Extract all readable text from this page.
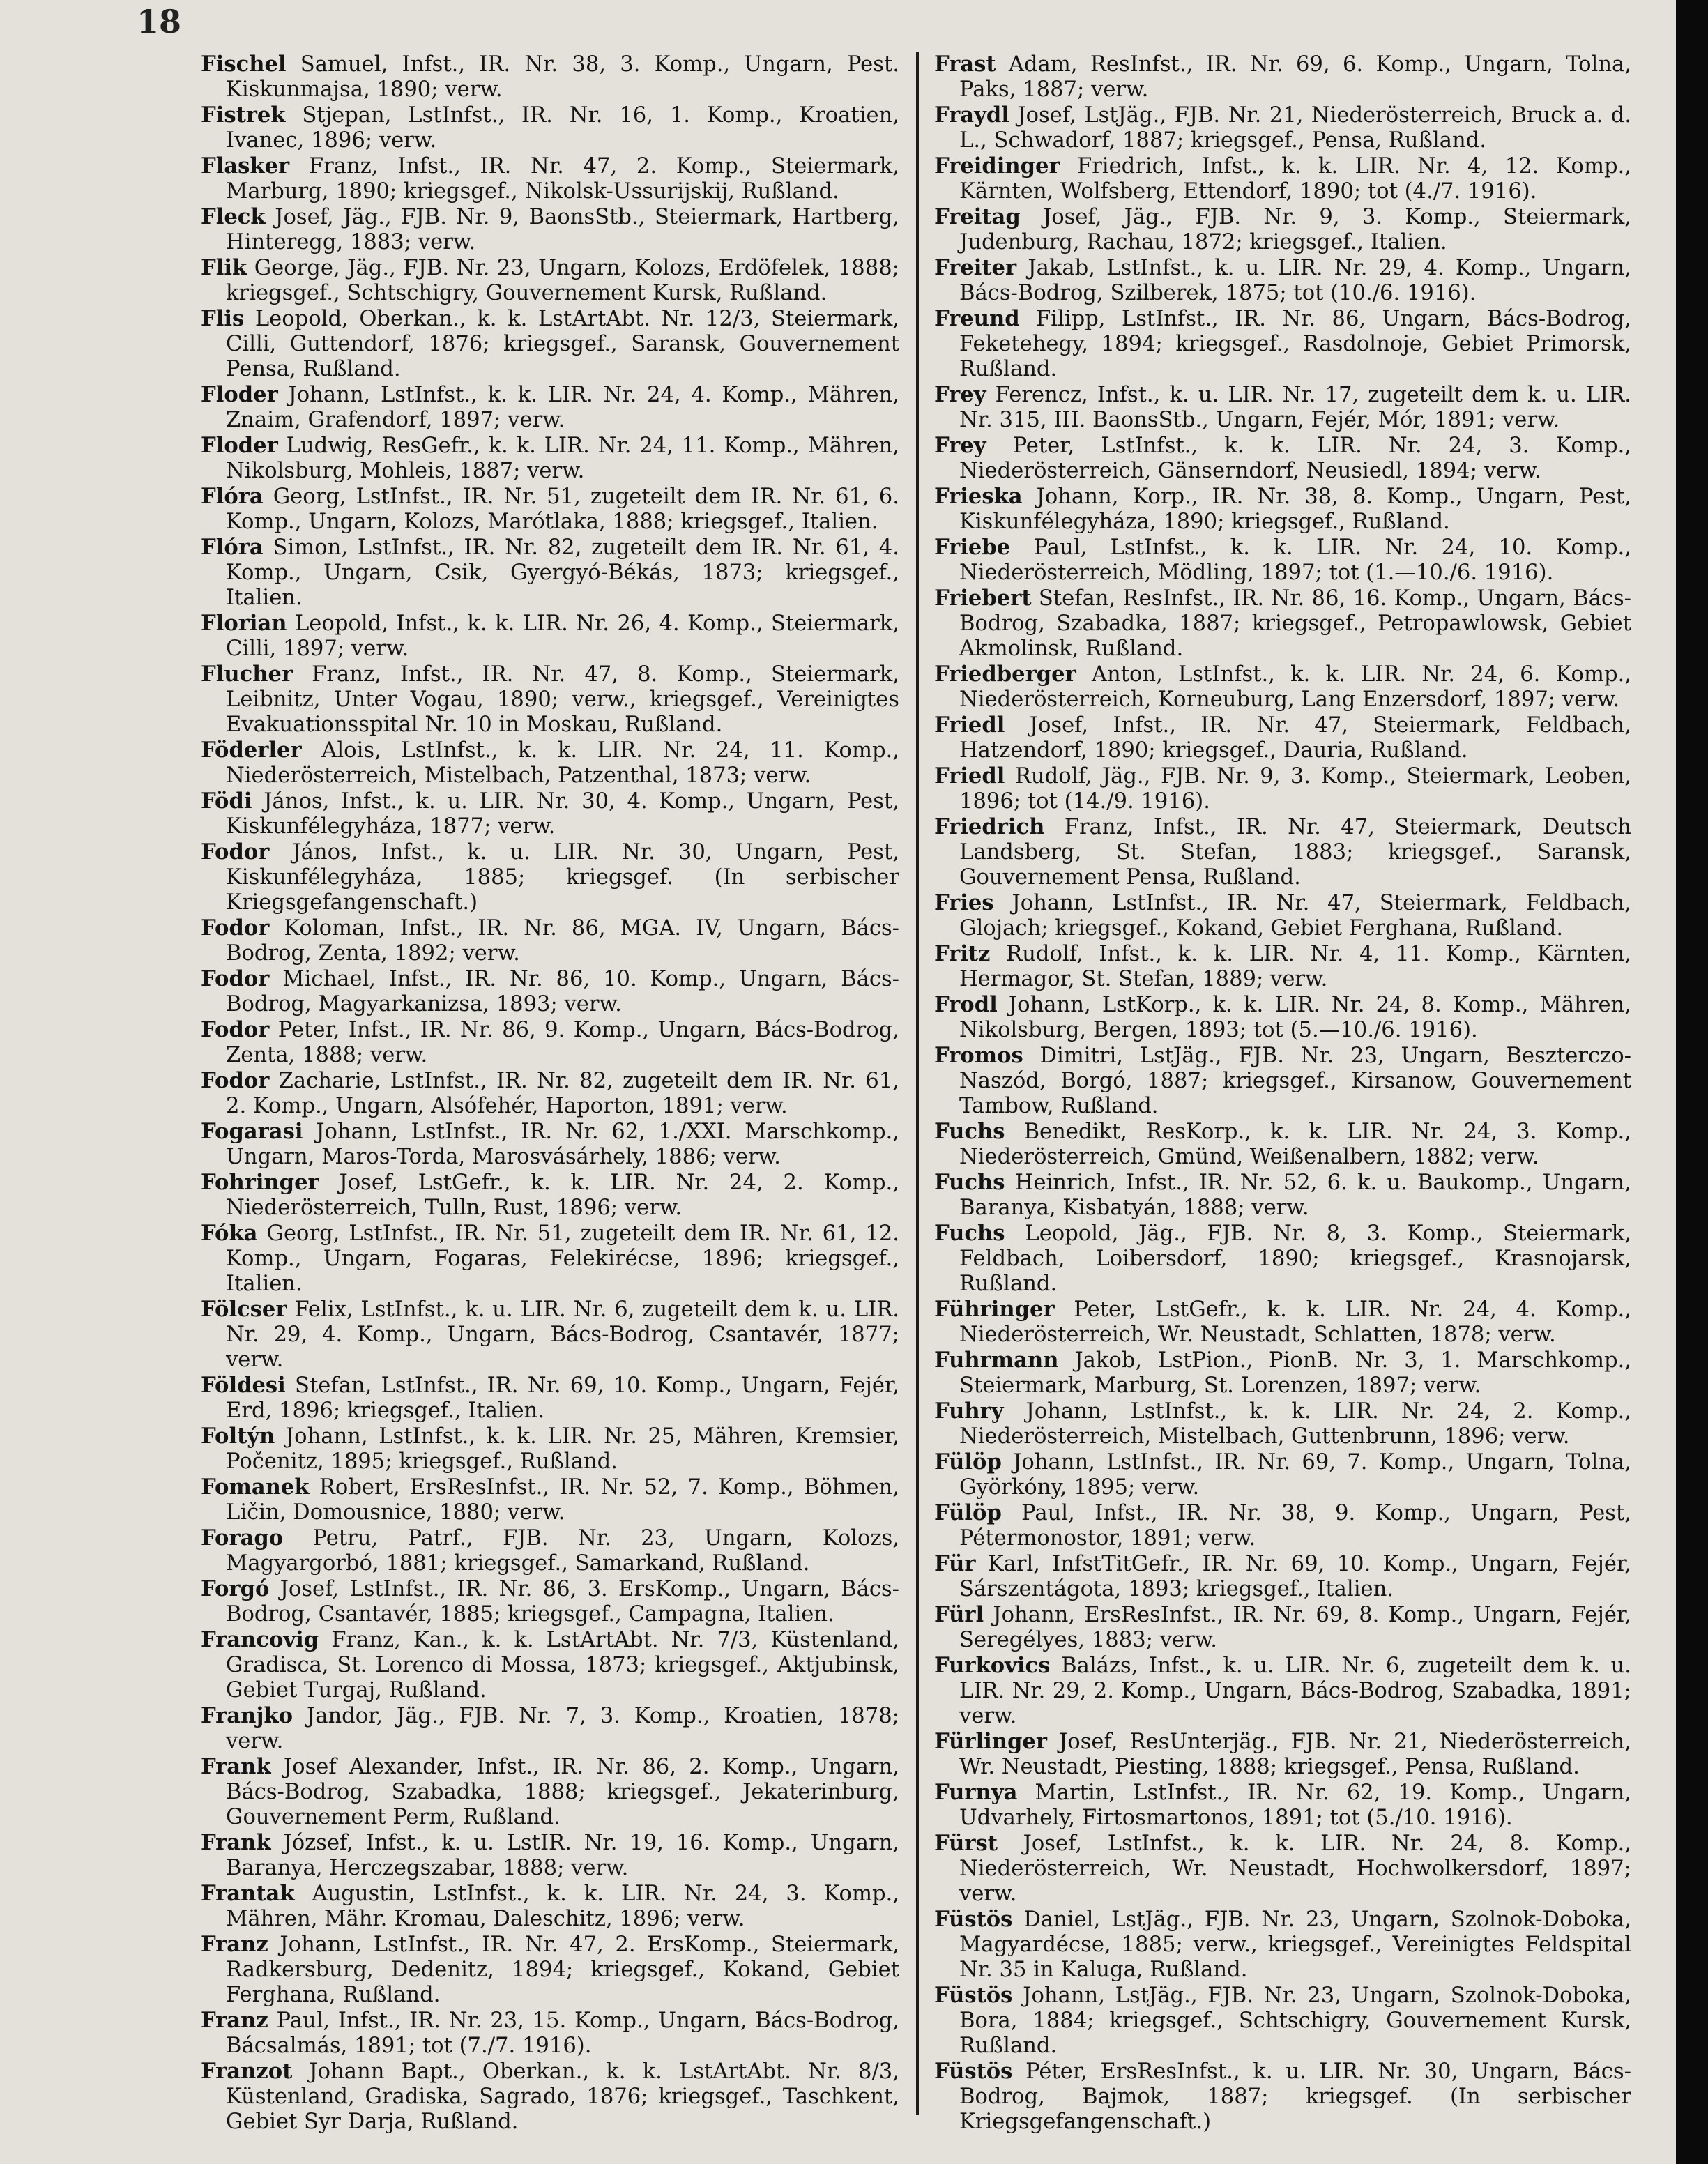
18

Fischel Samuel, Infst., IR. Nr. 38, 3. Komp., Ungarn, Pest. Kiskunmajsa, 1890; verw.

Fistrek Stjepan, LstInfst., IR. Nr. 16, 1. Komp., Kroatien, Ivanec, 1896; verw.

Flasker Franz, Infst., IR. Nr. 47, 2. Komp., Steiermark, Marburg, 1890; kriegsgef., Nikolsk-Ussurijskij, Rußland.

Fleck Josef, Jäg., FJB. Nr. 9, BaonsStb., Steiermark, Hartberg, Hinteregg, 1883; verw.

Flik George, Jäg., FJB. Nr. 23, Ungarn, Kolozs, Erdöfelek, 1888; kriegsgef., Schtschigry, Gouvernement Kursk, Rußland.

Flis Leopold, Oberkan., k. k. LstArtAbt. Nr. 12/3, Steiermark, Cilli, Guttendorf, 1876; kriegsgef., Saransk, Gouvernement Pensa, Rußland.

Floder Johann, LstInfst., k. k. LIR. Nr. 24, 4. Komp., Mähren, Znaim, Grafendorf, 1897; verw.

Floder Ludwig, ResGefr., k. k. LIR. Nr. 24, 11. Komp., Mähren, Nikolsburg, Mohleis, 1887; verw.

Flóra Georg, LstInfst., IR. Nr. 51, zugeteilt dem IR. Nr. 61, 6. Komp., Ungarn, Kolozs, Marótlaka, 1888; kriegsgef., Italien.

Flóra Simon, LstInfst., IR. Nr. 82, zugeteilt dem IR. Nr. 61, 4. Komp., Ungarn, Csik, Gyergyó-Békás, 1873; kriegsgef., Italien.

Florian Leopold, Infst., k. k. LIR. Nr. 26, 4. Komp., Steiermark, Cilli, 1897; verw.

Flucher Franz, Infst., IR. Nr. 47, 8. Komp., Steiermark, Leibnitz, Unter Vogau, 1890; verw., kriegsgef., Vereinigtes Evakuationsspital Nr. 10 in Moskau, Rußland.

Föderler Alois, LstInfst., k. k. LIR. Nr. 24, 11. Komp., Niederösterreich, Mistelbach, Patzenthal, 1873; verw.

Födi János, Infst., k. u. LIR. Nr. 30, 4. Komp., Ungarn, Pest, Kiskunfélegyháza, 1877; verw.

Fodor János, Infst., k. u. LIR. Nr. 30, Ungarn, Pest, Kiskunfélegyháza, 1885; kriegsgef. (In serbischer Kriegsgefangenschaft.)

Fodor Koloman, Infst., IR. Nr. 86, MGA. IV, Ungarn, Bács-Bodrog, Zenta, 1892; verw.

Fodor Michael, Infst., IR. Nr. 86, 10. Komp., Ungarn, Bács-Bodrog, Magyarkanizsa, 1893; verw.

Fodor Peter, Infst., IR. Nr. 86, 9. Komp., Ungarn, Bács-Bodrog, Zenta, 1888; verw.

Fodor Zacharie, LstInfst., IR. Nr. 82, zugeteilt dem IR. Nr. 61, 2. Komp., Ungarn, Alsófehér, Haporton, 1891; verw.

Fogarasi Johann, LstInfst., IR. Nr. 62, 1./XXI. Marschkomp., Ungarn, Maros-Torda, Marosvásárhely, 1886; verw.

Fohringer Josef, LstGefr., k. k. LIR. Nr. 24, 2. Komp., Niederösterreich, Tulln, Rust, 1896; verw.

Fóka Georg, LstInfst., IR. Nr. 51, zugeteilt dem IR. Nr. 61, 12. Komp., Ungarn, Fogaras, Felekirécse, 1896; kriegsgef., Italien.

Fölcser Felix, LstInfst., k. u. LIR. Nr. 6, zugeteilt dem k. u. LIR. Nr. 29, 4. Komp., Ungarn, Bács-Bodrog, Csantavér, 1877; verw.

Földesi Stefan, LstInfst., IR. Nr. 69, 10. Komp., Ungarn, Fejér, Erd, 1896; kriegsgef., Italien.

Foltýn Johann, LstInfst., k. k. LIR. Nr. 25, Mähren, Kremsier, Počenitz, 1895; kriegsgef., Rußland.

Fomanek Robert, ErsResInfst., IR. Nr. 52, 7. Komp., Böhmen, Ličin, Domousnice, 1880; verw.

Forago Petru, Patrf., FJB. Nr. 23, Ungarn, Kolozs, Magyargorbó, 1881; kriegsgef., Samarkand, Rußland.

Forgó Josef, LstInfst., IR. Nr. 86, 3. ErsKomp., Ungarn, Bács-Bodrog, Csantavér, 1885; kriegsgef., Campagna, Italien.

Francovig Franz, Kan., k. k. LstArtAbt. Nr. 7/3, Küstenland, Gradisca, St. Lorenco di Mossa, 1873; kriegsgef., Aktjubinsk, Gebiet Turgaj, Rußland.

Franjko Jandor, Jäg., FJB. Nr. 7, 3. Komp., Kroatien, 1878; verw.

Frank Josef Alexander, Infst., IR. Nr. 86, 2. Komp., Ungarn, Bács-Bodrog, Szabadka, 1888; kriegsgef., Jekaterinburg, Gouvernement Perm, Rußland.

Frank József, Infst., k. u. LstIR. Nr. 19, 16. Komp., Ungarn, Baranya, Herczegszabar, 1888; verw.

Frantak Augustin, LstInfst., k. k. LIR. Nr. 24, 3. Komp., Mähren, Mähr. Kromau, Daleschitz, 1896; verw.

Franz Johann, LstInfst., IR. Nr. 47, 2. ErsKomp., Steiermark, Radkersburg, Dedenitz, 1894; kriegsgef., Kokand, Gebiet Ferghana, Rußland.

Franz Paul, Infst., IR. Nr. 23, 15. Komp., Ungarn, Bács-Bodrog, Bácsalmás, 1891; tot (7./7. 1916).

Franzot Johann Bapt., Oberkan., k. k. LstArtAbt. Nr. 8/3, Küstenland, Gradiska, Sagrado, 1876; kriegsgef., Taschkent, Gebiet Syr Darja, Rußland.

Frast Adam, ResInfst., IR. Nr. 69, 6. Komp., Ungarn, Tolna, Paks, 1887; verw.

Fraydl Josef, LstJäg., FJB. Nr. 21, Niederösterreich, Bruck a. d. L., Schwadorf, 1887; kriegsgef., Pensa, Rußland.

Freidinger Friedrich, Infst., k. k. LIR. Nr. 4, 12. Komp., Kärnten, Wolfsberg, Ettendorf, 1890; tot (4./7. 1916).

Freitag Josef, Jäg., FJB. Nr. 9, 3. Komp., Steiermark, Judenburg, Rachau, 1872; kriegsgef., Italien.

Freiter Jakab, LstInfst., k. u. LIR. Nr. 29, 4. Komp., Ungarn, Bács-Bodrog, Szilberek, 1875; tot (10./6. 1916).

Freund Filipp, LstInfst., IR. Nr. 86, Ungarn, Bács-Bodrog, Feketehegy, 1894; kriegsgef., Rasdolnoje, Gebiet Primorsk, Rußland.

Frey Ferencz, Infst., k. u. LIR. Nr. 17, zugeteilt dem k. u. LIR. Nr. 315, III. BaonsStb., Ungarn, Fejér, Mór, 1891; verw.

Frey Peter, LstInfst., k. k. LIR. Nr. 24, 3. Komp., Niederösterreich, Gänserndorf, Neusiedl, 1894; verw.

Frieska Johann, Korp., IR. Nr. 38, 8. Komp., Ungarn, Pest, Kiskunfélegyháza, 1890; kriegsgef., Rußland.

Friebe Paul, LstInfst., k. k. LIR. Nr. 24, 10. Komp., Niederösterreich, Mödling, 1897; tot (1.—10./6. 1916).

Friebert Stefan, ResInfst., IR. Nr. 86, 16. Komp., Ungarn, Bács-Bodrog, Szabadka, 1887; kriegsgef., Petropawlowsk, Gebiet Akmolinsk, Rußland.

Friedberger Anton, LstInfst., k. k. LIR. Nr. 24, 6. Komp., Niederösterreich, Korneuburg, Lang Enzersdorf, 1897; verw.

Friedl Josef, Infst., IR. Nr. 47, Steiermark, Feldbach, Hatzendorf, 1890; kriegsgef., Dauria, Rußland.

Friedl Rudolf, Jäg., FJB. Nr. 9, 3. Komp., Steiermark, Leoben, 1896; tot (14./9. 1916).

Friedrich Franz, Infst., IR. Nr. 47, Steiermark, Deutsch Landsberg, St. Stefan, 1883; kriegsgef., Saransk, Gouvernement Pensa, Rußland.

Fries Johann, LstInfst., IR. Nr. 47, Steiermark, Feldbach, Glojach; kriegsgef., Kokand, Gebiet Ferghana, Rußland.

Fritz Rudolf, Infst., k. k. LIR. Nr. 4, 11. Komp., Kärnten, Hermagor, St. Stefan, 1889; verw.

Frodl Johann, LstKorp., k. k. LIR. Nr. 24, 8. Komp., Mähren, Nikolsburg, Bergen, 1893; tot (5.—10./6. 1916).

Fromos Dimitri, LstJäg., FJB. Nr. 23, Ungarn, Beszterczo-Naszód, Borgó, 1887; kriegsgef., Kirsanow, Gouvernement Tambow, Rußland.

Fuchs Benedikt, ResKorp., k. k. LIR. Nr. 24, 3. Komp., Niederösterreich, Gmünd, Weißenalbern, 1882; verw.

Fuchs Heinrich, Infst., IR. Nr. 52, 6. k. u. Baukomp., Ungarn, Baranya, Kisbatyán, 1888; verw.

Fuchs Leopold, Jäg., FJB. Nr. 8, 3. Komp., Steiermark, Feldbach, Loibersdorf, 1890; kriegsgef., Krasnojarsk, Rußland.

Führinger Peter, LstGefr., k. k. LIR. Nr. 24, 4. Komp., Niederösterreich, Wr. Neustadt, Schlatten, 1878; verw.

Fuhrmann Jakob, LstPion., PionB. Nr. 3, 1. Marschkomp., Steiermark, Marburg, St. Lorenzen, 1897; verw.

Fuhry Johann, LstInfst., k. k. LIR. Nr. 24, 2. Komp., Niederösterreich, Mistelbach, Guttenbrunn, 1896; verw.

Fülöp Johann, LstInfst., IR. Nr. 69, 7. Komp., Ungarn, Tolna, Györkóny, 1895; verw.

Fülöp Paul, Infst., IR. Nr. 38, 9. Komp., Ungarn, Pest, Pétermonostor, 1891; verw.

Für Karl, InfstTitGefr., IR. Nr. 69, 10. Komp., Ungarn, Fejér, Sárszentágota, 1893; kriegsgef., Italien.

Fürl Johann, ErsResInfst., IR. Nr. 69, 8. Komp., Ungarn, Fejér, Seregélyes, 1883; verw.

Furkovics Balázs, Infst., k. u. LIR. Nr. 6, zugeteilt dem k. u. LIR. Nr. 29, 2. Komp., Ungarn, Bács-Bodrog, Szabadka, 1891; verw.

Fürlinger Josef, ResUnterjäg., FJB. Nr. 21, Niederösterreich, Wr. Neustadt, Piesting, 1888; kriegsgef., Pensa, Rußland.

Furnya Martin, LstInfst., IR. Nr. 62, 19. Komp., Ungarn, Udvarhely, Firtosmartonos, 1891; tot (5./10. 1916).

Fürst Josef, LstInfst., k. k. LIR. Nr. 24, 8. Komp., Niederösterreich, Wr. Neustadt, Hochwolkersdorf, 1897; verw.

Füstös Daniel, LstJäg., FJB. Nr. 23, Ungarn, Szolnok-Doboka, Magyardécse, 1885; verw., kriegsgef., Vereinigtes Feldspital Nr. 35 in Kaluga, Rußland.

Füstös Johann, LstJäg., FJB. Nr. 23, Ungarn, Szolnok-Doboka, Bora, 1884; kriegsgef., Schtschigry, Gouvernement Kursk, Rußland.

Füstös Péter, ErsResInfst., k. u. LIR. Nr. 30, Ungarn, Bács-Bodrog, Bajmok, 1887; kriegsgef. (In serbischer Kriegsgefangenschaft.)
